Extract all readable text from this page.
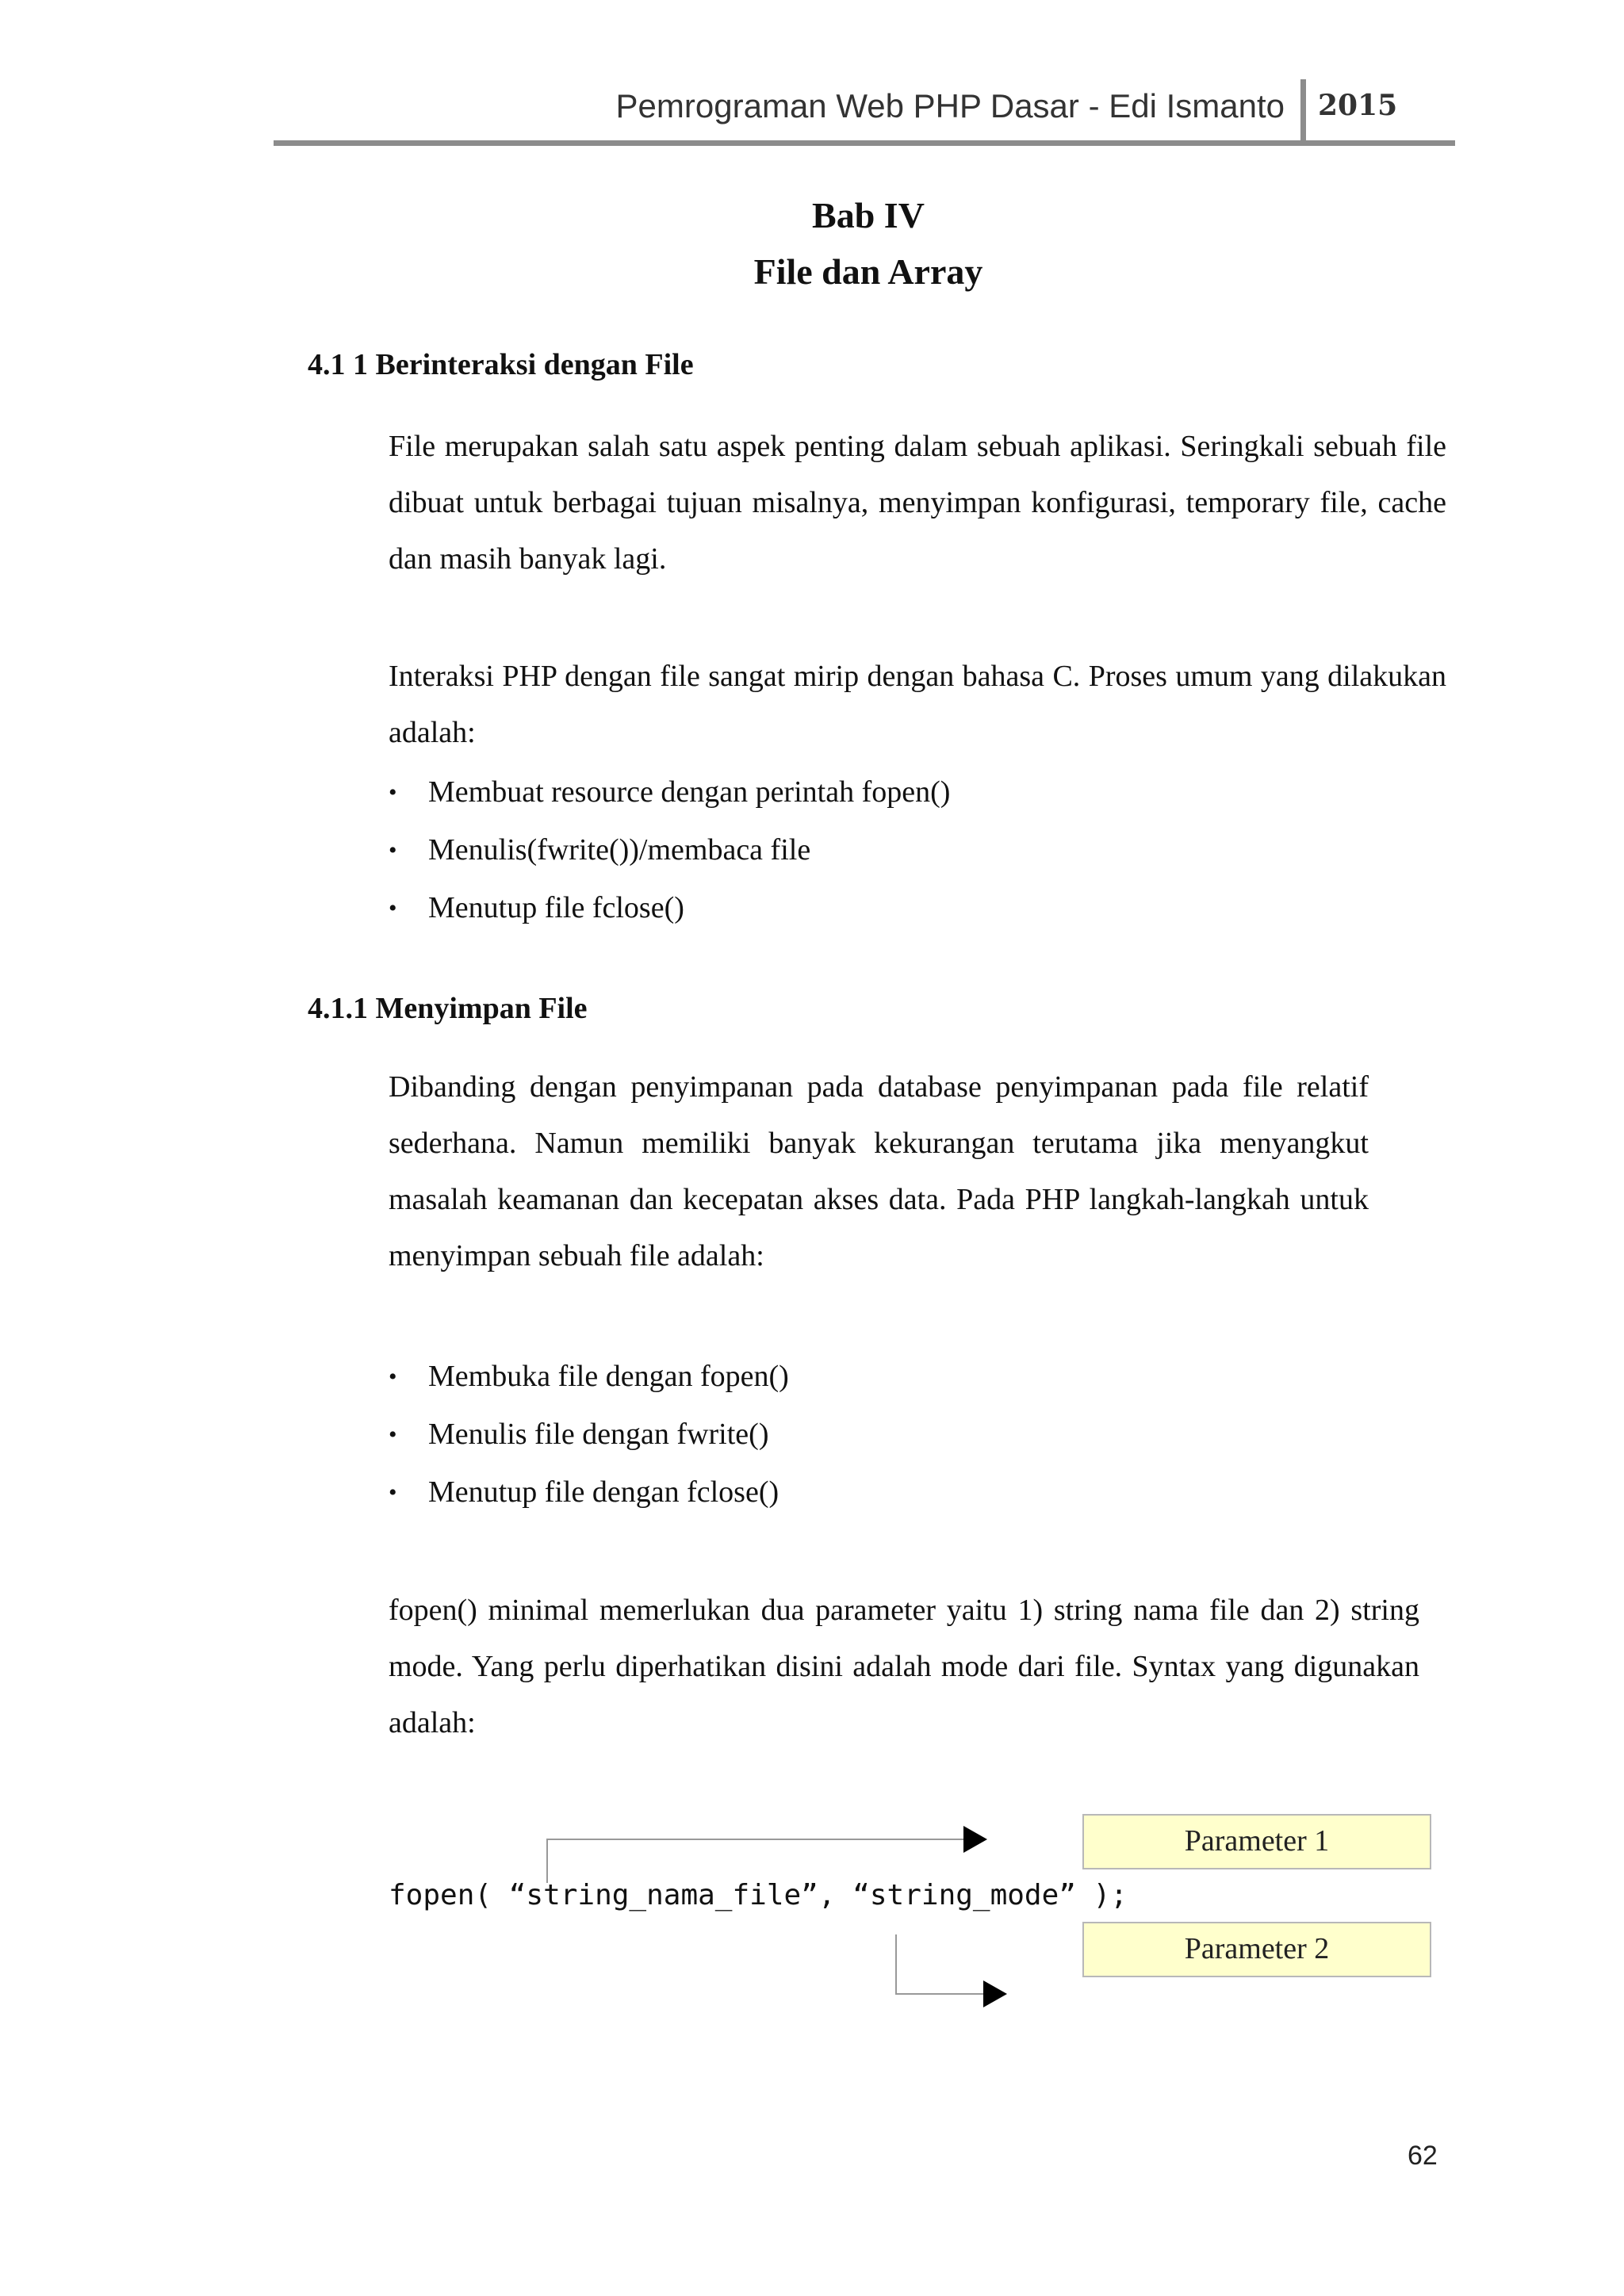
Pemrograman Web PHP Dasar - Edi Ismanto 2015
Bab IV
File dan Array
4.1 1 Berinteraksi dengan File
File merupakan salah satu aspek penting dalam sebuah aplikasi. Seringkali sebuah file dibuat untuk berbagai tujuan misalnya, menyimpan konfigurasi, temporary file, cache dan masih banyak lagi.
Interaksi PHP dengan file sangat mirip dengan bahasa C. Proses umum yang dilakukan adalah:
• Membuat resource dengan perintah fopen()
• Menulis(fwrite())/membaca file
• Menutup file fclose()
4.1.1 Menyimpan File
Dibanding dengan penyimpanan pada database penyimpanan pada file relatif sederhana. Namun memiliki banyak kekurangan terutama jika menyangkut masalah keamanan dan kecepatan akses data. Pada PHP langkah-langkah untuk menyimpan sebuah file adalah:
• Membuka file dengan fopen()
• Menulis file dengan fwrite()
• Menutup file dengan fclose()
fopen() minimal memerlukan dua parameter yaitu 1) string nama file dan 2) string mode. Yang perlu diperhatikan disini adalah mode dari file. Syntax yang digunakan adalah:
fopen( “string_nama_file”, “string_mode” );
Parameter 1
Parameter 2
62
